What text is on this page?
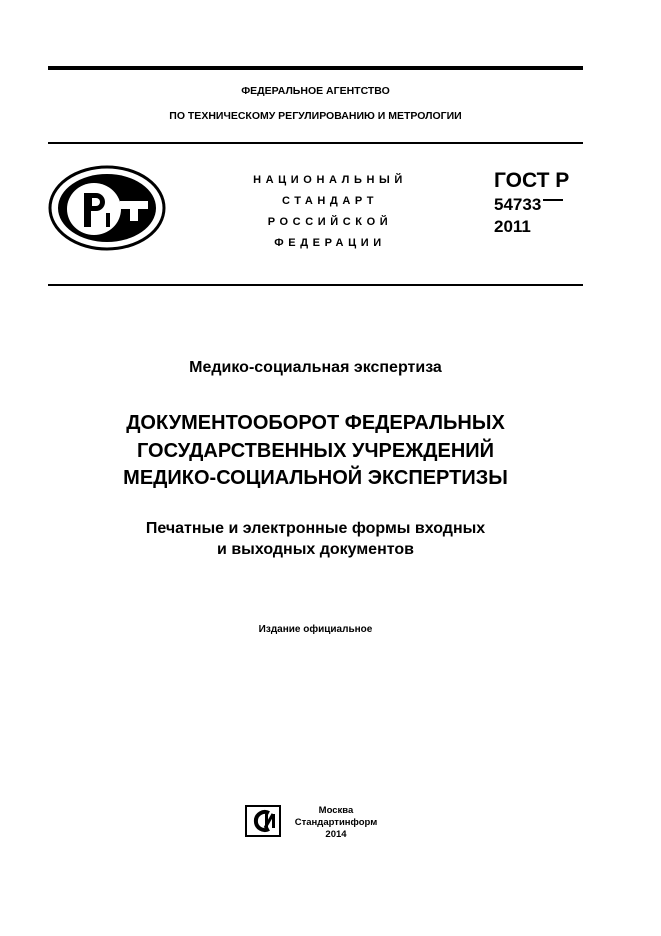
ФЕДЕРАЛЬНОЕ АГЕНТСТВО
ПО ТЕХНИЧЕСКОМУ РЕГУЛИРОВАНИЮ И МЕТРОЛОГИИ
НАЦИОНАЛЬНЫЙ
СТАНДАРТ
РОССИЙСКОЙ
ФЕДЕРАЦИИ
ГОСТ Р
54733
2011
Медико-социальная экспертиза
ДОКУМЕНТООБОРОТ ФЕДЕРАЛЬНЫХ
ГОСУДАРСТВЕННЫХ УЧРЕЖДЕНИЙ
МЕДИКО-СОЦИАЛЬНОЙ ЭКСПЕРТИЗЫ
Печатные и электронные формы входных
и выходных документов
Издание официальное
Москва
Стандартинформ
2014
